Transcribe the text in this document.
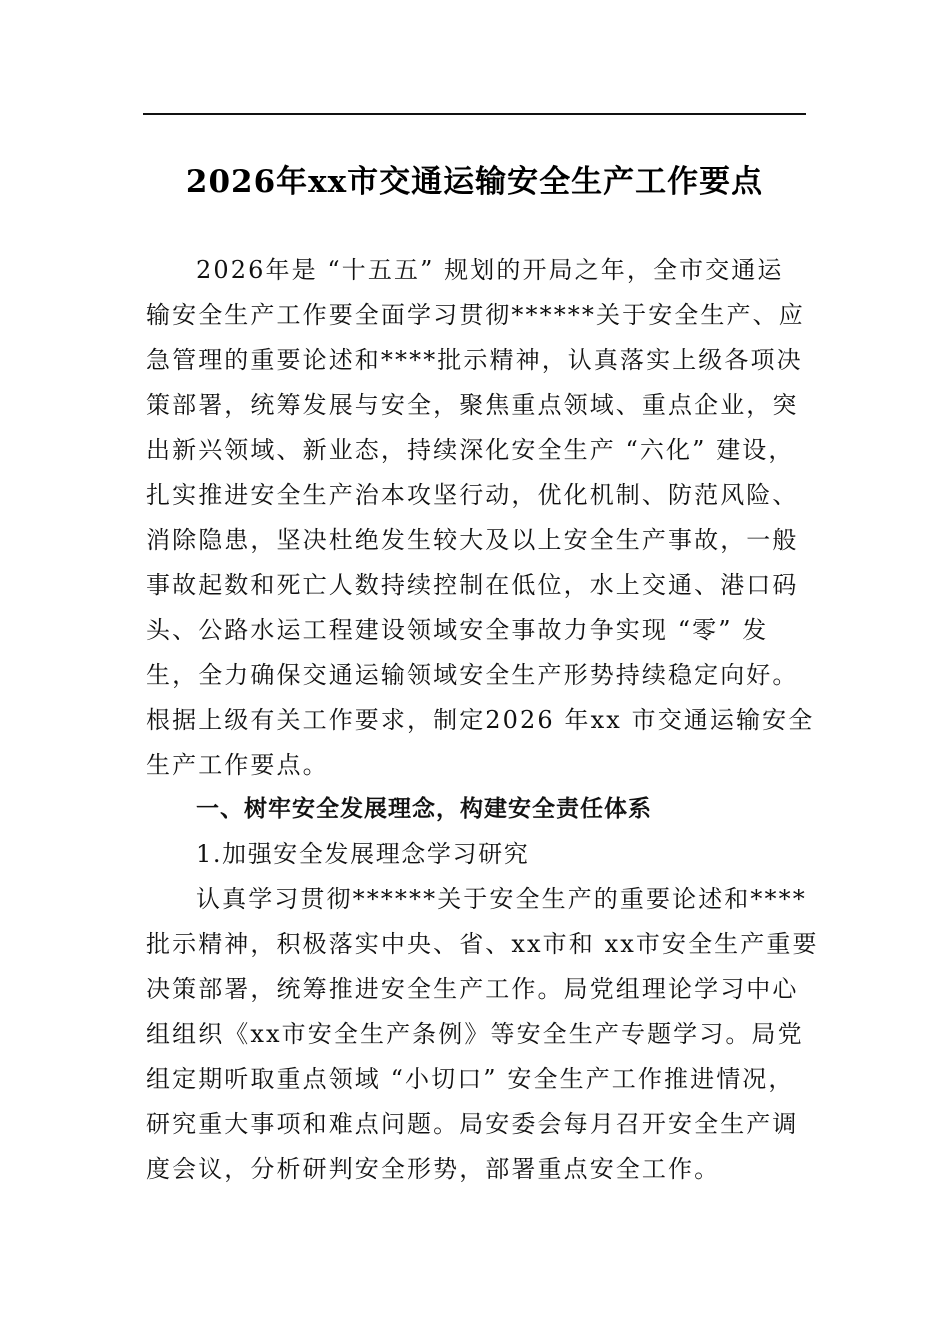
2026年xx市交通运输安全生产工作要点
2026年是 “十五五” 规划的开局之年，全市交通运
输安全生产工作要全面学习贯彻******关于安全生产、应
急管理的重要论述和****批示精神，认真落实上级各项决
策部署，统筹发展与安全，聚焦重点领域、重点企业，突
出新兴领域、新业态，持续深化安全生产 “六化” 建设，
扎实推进安全生产治本攻坚行动，优化机制、防范风险、
消除隐患，坚决杜绝发生较大及以上安全生产事故，一般
事故起数和死亡人数持续控制在低位，水上交通、港口码
头、公路水运工程建设领域安全事故力争实现 “零” 发
生，全力确保交通运输领域安全生产形势持续稳定向好。
根据上级有关工作要求，制定2026 年xx 市交通运输安全
生产工作要点。
一、树牢安全发展理念，构建安全责任体系
1.加强安全发展理念学习研究
认真学习贯彻******关于安全生产的重要论述和****
批示精神，积极落实中央、省、xx市和 xx市安全生产重要
决策部署，统筹推进安全生产工作。局党组理论学习中心
组组织《xx市安全生产条例》等安全生产专题学习。局党
组定期听取重点领域 “小切口” 安全生产工作推进情况，
研究重大事项和难点问题。局安委会每月召开安全生产调
度会议，分析研判安全形势，部署重点安全工作。
